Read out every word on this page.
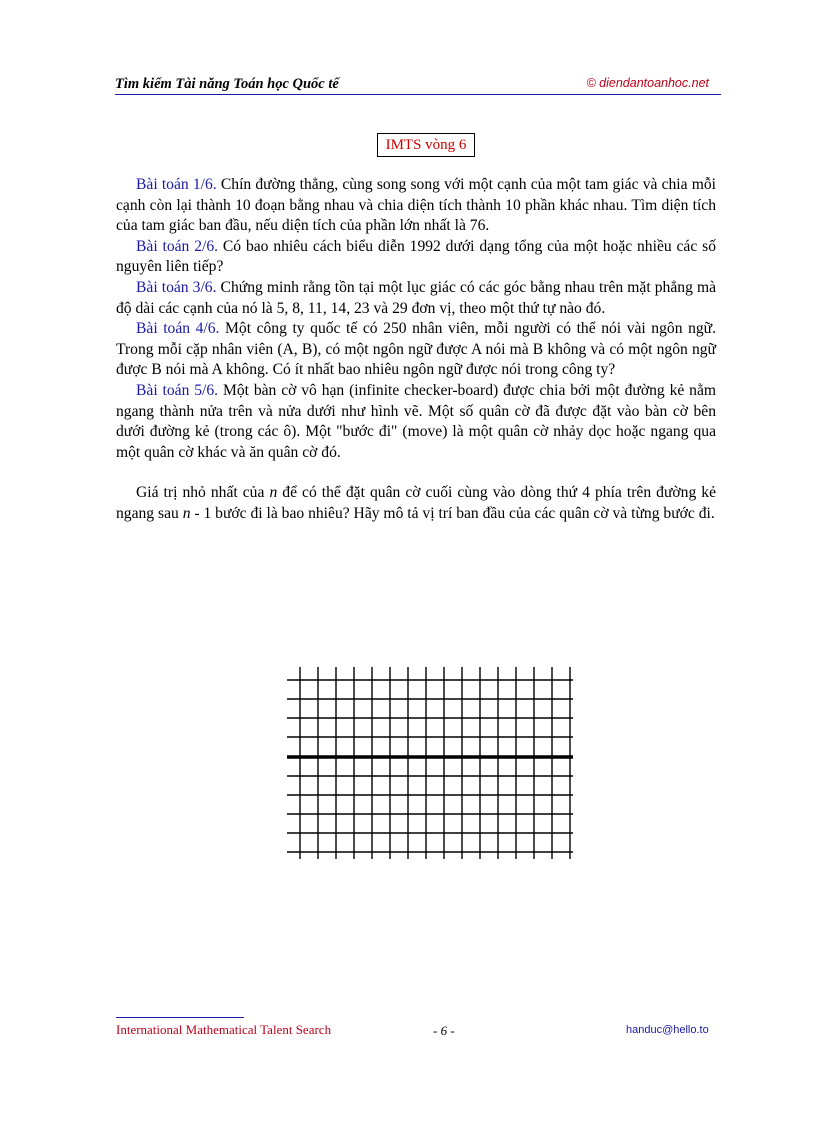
Tìm kiếm Tài năng Toán học Quốc tế	© diendantoanhoc.net
IMTS vòng 6

Bài toán 1/6. Chín đường thẳng, cùng song song với một cạnh của một tam giác và chia mỗi cạnh còn lại thành 10 đoạn bằng nhau và chia diện tích thành 10 phần khác nhau. Tìm diện tích của tam giác ban đầu, nếu diện tích của phần lớn nhất là 76.

Bài toán 2/6. Có bao nhiêu cách biểu diễn 1992 dưới dạng tổng của một hoặc nhiều các số nguyên liên tiếp?

Bài toán 3/6. Chứng minh rằng tồn tại một lục giác có các góc bằng nhau trên mặt phẳng mà độ dài các cạnh của nó là 5, 8, 11, 14, 23 và 29 đơn vị, theo một thứ tự nào đó.

Bài toán 4/6. Một công ty quốc tế có 250 nhân viên, mỗi người có thể nói vài ngôn ngữ. Trong mỗi cặp nhân viên (A, B), có một ngôn ngữ được A nói mà B không và có một ngôn ngữ được B nói mà A không. Có ít nhất bao nhiêu ngôn ngữ được nói trong công ty?

Bài toán 5/6. Một bàn cờ vô hạn (infinite checker-board) được chia bởi một đường kẻ nằm ngang thành nửa trên và nửa dưới như hình vẽ. Một số quân cờ đã được đặt vào bàn cờ bên dưới đường kẻ (trong các ô). Một "bước đi" (move) là một quân cờ nhảy dọc hoặc ngang qua một quân cờ khác và ăn quân cờ đó.

Giá trị nhỏ nhất của n để có thể đặt quân cờ cuối cùng vào dòng thứ 4 phía trên đường kẻ ngang sau n - 1 bước đi là bao nhiêu? Hãy mô tả vị trí ban đầu của các quân cờ và từng bước đi.

International Mathematical Talent Search	- 6 -	handuc@hello.to
